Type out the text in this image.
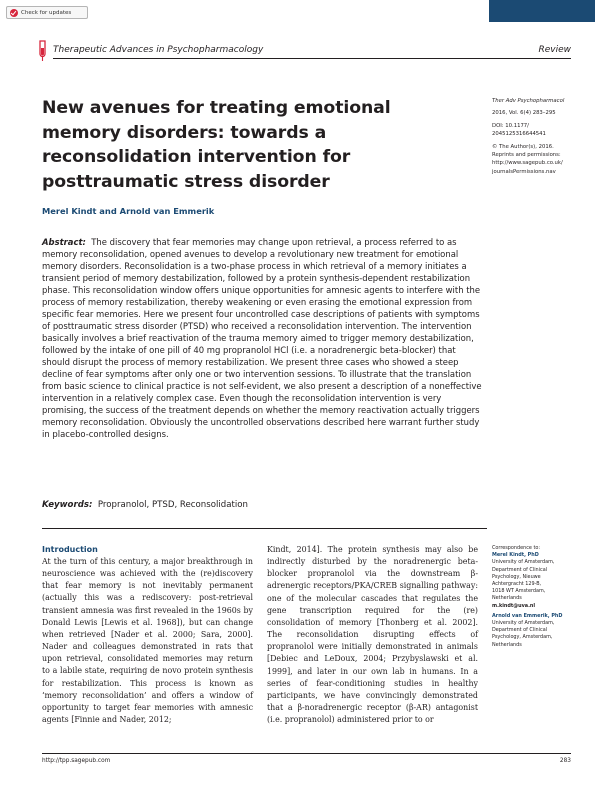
Check for updates
Therapeutic Advances in Psychopharmacology	Review
New avenues for treating emotional memory disorders: towards a reconsolidation intervention for posttraumatic stress disorder
Ther Adv Psychopharmacol
2016, Vol. 6(4) 283–295
DOI: 10.1177/
2045125316644541
© The Author(s), 2016.
Reprints and permissions:
http://www.sagepub.co.uk/
journalsPermissions.nav
Merel Kindt and Arnold van Emmerik
Abstract: The discovery that fear memories may change upon retrieval, a process referred to as memory reconsolidation, opened avenues to develop a revolutionary new treatment for emotional memory disorders. Reconsolidation is a two-phase process in which retrieval of a memory initiates a transient period of memory destabilization, followed by a protein synthesis-dependent restabilization phase. This reconsolidation window offers unique opportunities for amnesic agents to interfere with the process of memory restabilization, thereby weakening or even erasing the emotional expression from specific fear memories. Here we present four uncontrolled case descriptions of patients with symptoms of posttraumatic stress disorder (PTSD) who received a reconsolidation intervention. The intervention basically involves a brief reactivation of the trauma memory aimed to trigger memory destabilization, followed by the intake of one pill of 40 mg propranolol HCl (i.e. a noradrenergic beta-blocker) that should disrupt the process of memory restabilization. We present three cases who showed a steep decline of fear symptoms after only one or two intervention sessions. To illustrate that the translation from basic science to clinical practice is not self-evident, we also present a description of a noneffective intervention in a relatively complex case. Even though the reconsolidation intervention is very promising, the success of the treatment depends on whether the memory reactivation actually triggers memory reconsolidation. Obviously the uncontrolled observations described here warrant further study in placebo-controlled designs.
Keywords: Propranolol, PTSD, Reconsolidation
Introduction

At the turn of this century, a major breakthrough in neuroscience was achieved with the (re)discovery that fear memory is not inevitably permanent (actually this was a rediscovery: post-retrieval transient amnesia was first revealed in the 1960s by Donald Lewis [Lewis et al. 1968]), but can change when retrieved [Nader et al. 2000; Sara, 2000]. Nader and colleagues demonstrated in rats that upon retrieval, consolidated memories may return to a labile state, requiring de novo protein synthesis for restabilization. This process is known as ‘memory reconsolidation’ and offers a window of opportunity to target fear memories with amnesic agents [Finnie and Nader, 2012;

Kindt, 2014]. The protein synthesis may also be indirectly disturbed by the noradrenergic beta-blocker propranolol via the downstream β-adrenergic receptors/PKA/CREB signalling pathway: one of the molecular cascades that regulates the gene transcription required for the (re) consolidation of memory [Thonberg et al. 2002]. The reconsolidation disrupting effects of propranolol were initially demonstrated in animals [Debiec and LeDoux, 2004; Przybyslawski et al. 1999], and later in our own lab in humans. In a series of fear-conditioning studies in healthy participants, we have convincingly demonstrated that a β-noradrenergic receptor (β-AR) antagonist (i.e. propranolol) administered prior to or

Correspondence to:
Merel Kindt, PhD
University of Amsterdam,
Department of Clinical
Psychology, Nieuwe
Achtergracht 129-B,
1018 WT Amsterdam,
Netherlands
m.kindt@uva.nl
Arnold van Emmerik, PhD
University of Amsterdam,
Department of Clinical
Psychology, Amsterdam,
Netherlands
http://tpp.sagepub.com	283
